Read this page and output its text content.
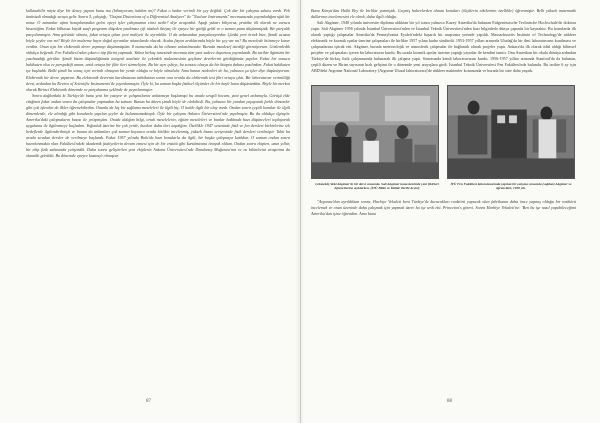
kullanabilir miyiz diye bir deney yapsın bunu mu (bilmiyorum, kaldım mı)? Fakat o kadar verimli bir şey değildi. Çok dar bir çalışma sahası vardı. Pek ümitsizdi olmadığı sıraya gelir. Sonra 5, çalıştığı; "Output Distortions of a Differential Analyzer" ile "Nuclear Instruments" mecmuasında yayımladığım ufak bir notur. O zamanlar ufam hesaplarımdan gelen epeyi işler çalışmamın cinsi nedir? diye araştırdık. Aşağı yukarı biliyoruz, pratikte ilk olarak ne vurucu hissettiğim. Fakat bilhassa büyük zaafı programı düşeden yardımsız çift nüshalı ihtiyaç ile epeyce bir gittiği geldi ve o zaman pana düşünmüştük. Bir parçalık parçalanmıştır. Ama görünür olması, fakat ortaya çıkan yeni maliyeti ile ayrınlıkla. O da arkasından parçalanıyordur. Çünkü yeni örnek bize, Şimdi ucuzsa böyle şeyler var mı? Böyle bir malzeme hayır doğal ayrıntılar nüanslarda olacak. Acaba fizyon araklarında böyle bir şey var mı? Bu meselede bitirmeye karar verdim. Onun için bir elektronik devre yapmayı düşünmüştüm. 8 numarada da bu cihazın anlatılmasıdır. Burada maalesef istediği görmüyorum. Gözlemledik oldukça beğendi. Fen Fakültesi'nden çıkan o tüp fikrini yapmadı. Yalnız birkaç tanesinde mecmua tüm yani sadece duyurusu yayımlandı. Bu tarihte ilgimizin bir yazılmadığı görülür. Şimdi bizim düşündüğümüz integral analizör ile çekirdek malzemesinin geçikme devirlerini gördüğümüz yapılar. Fakat bir sonucu hakikaten olsa ve perspektifi aman; artık ortaya bir fikir ileri sürmeliyim. Bu bir ayrı çıktıyı, bu sonucu olsaya da bir kitapta dahası yazılırdım. Fakat hakikaten işe başladık. Belki şimdi bu sonuç için verimli olmayan bir yerde olduğu ve böyle olmalıdır. Ama bunun nedenleri de bu, yalnızca şu işler diye düşünüyorum. Elektronik bir devre yaparım. Bu elektronik devrenin kurulmasına tatbikattan sonra ona oranla da elektronik test fikri ortaya çıktı. Bir laboratuvar verimliliği dersi, ardından bu Review of Scientific Instruments'de yayınlanmıştır. Öyle ki, bu zaman başka fiziksel ölçümler ile bir hayli bunu düşünürdüm. Böyle bir merkez olarak Birinci Elektronik dönemde ve parçalanma şeklinde de yayınlanmıştır.

Sonra dağlardaki ki Türkiye'de bunu yeni bir yazıyor ve çalışmalarını anlatmaya başlamıştı bu arada sevgili hocam, yani genel anlamıyla. Görüşü elde ettiğimiz fakat ondan sonra da çalışmalar yapmadım bu zaman. Bunun bu düzen şimdi böyle de olabilirdi. Bu, yalnızca bir yandan yaşayarak farklı dönemler gibi çok işlerden de ilkler öğrenebilirdim. Onunla da hiç bir sağlama meseleleri ile ilgili hiç. O halde ilgili bir olay vardı. Ondan sonra çeşitli konular ile ilgili dönemlerde, ele alındığı gibi konularla yapılan şeyler de bulunmamaktaydı. Öyle bir çalışma Ankara Üniversitesi'nde yapılmıştır. Bu da oldukça ilginçtir. Amerika'daki çalışmaların bazısı ile yetişmiştim. Orada aldığım bilgi, ortak meselelerin, eğitim meseleleri ve bunlar hakkında bazı düşünceleri toplayarak uygulama ile ilgilenmeye başladım. Yoğunluk üzerine bir çok yerde, bunları daha ileri taşıdığım. Özellikle 1947 senesinde fizik ve fen dersleri birbirlerine tek hedeflerde ilgilendirilmişti ve bunun da anlamları çok zaman boyunca orada birlikte incelenmiş, yüksek lisans seviyesinde fizik dersleri verilmiştir. Tabii bu arada sıradan dersler de verilmeye başlandı. Fakat 1957 yılında Bolu'da bazı konularla da ilgili, bir başka çalışmaya katıldım. O zaman ondan sonra hazırlanmakta olan Fakültesi'ndeki akademik faaliyetlerin devam etmesi için de bir enstitü gibi kurulmasına önayak oldum. Ondan sonra ekipten, uzun yıllar, bir ekip fizik sahasında yetiştirdik. Daha sonra geliştirilen yeni ekiplerin Ankara Üniversitesi'nde Dandanay Mağarası'nın ve ısı bilimlerini araştırma da olanaklı görüldü. Bu dönemde epeyce kazançlı olmuştur.

87

Bunu Kimya'dan Hulki Bey ile birlikte yazmıştık. Geçmiş haberlerden alınan konuları (ölçülerin etkilerinin özellikle) öğrenmiştir. Belli yüksek matematik dallarının incelemesini ele alırdı, daha ilgili olduğu.

Salt Akgüner, 1948 yılında üniversite diploma aldıktan bir yıl sonra yalnızca Kuzey Amerika'da bulunan Eidgenössische Technische Hochschule'de doktora yaptı. Salt Akgüner 1956 yılında İstanbul Üniversitesi'nden ve İstanbul Teknik Üniversitesi'nden bazı bilginlerle dünya çapında bir kaynaktır. Bu konularda ilk olarak yaptığı çalışmalar Amerika'da Pennsylvania Eyaleti'ndeki başarılı bir araştırma yerinde yapıldı. Massachusetts Institute of Technology'de nükleer elektronik ve kozmik ışınlar üzerine çalışmaları ile birlikte 1957 yılına kadar sürdürdü. 1953-1957 yılları arasında Uludağ'da bir ilmi laboratuvarın kurulması ve çalışmalarına iştirak etti. Akgüner, burada meteorolojik ve atmosferik çalışmalar ile bağlantılı olarak projeler yaptı. Ankara'da ilk olarak ödül aldığı bilimsel projeler ve çalışmaları içeren bir laboratuvar kurdu. Bu sırada kozmik ışınlar üzerine yaptığı yayınlar ile kendini tanıttı. Onu Amerikan bir okula dönüşü ardından Türkiye'de birkaç fizik çalışmasında bulunarak ilk çalışma yaptı. Sonrasında kendi laboratuvarını kurdu. 1956-1957 yılları arasında Stanford'da da bulunan, çeşitli düzen ve Birim sayısının hızlı gelişimi ile o dönemde yeni arayışlara girdi. İstanbul Teknik Üniversitesi Fen Fakültesi'nde bulundu. Bu tarihte 6 ay için ABD'deki Argonne National Laboratory (Argonne Ulusal laboratuvarı)'de nükleer makineler konusunda ve burada bir süre daha yaşadı.

Çekmeköy'deki Akgüner'in bir dersi sırasında. Salt Akgüner konu üzerinde yeni fikirleri öğrencilerine açıklarken. (İTÜ Bilim ve Kültür Tarihi Arşivi)
İTÜ Fen Fakültesi laboratuvarında yapılan bir çalışma sırasında (sağdan) Akgüner ve öğrencileri, 1958 yılı.

"Argonne'dan ayrıldıktan sonra, Harbiye Vekaleti beni Türkiye'de kuracakları reaktörü yapacak olan fabrikanın daha önce yapmış olduğu bir reaktörü incelemek ve onun üzerinde daha çalışmak için yapmak üzere bu işe sevk etti. Princeton's görevi. Sonra Harbiye Vekaleti'ne: 'Ben bu işe nasıl yapabileceğimi Amerika'dan işine öğrendim. Ama bunu

88
